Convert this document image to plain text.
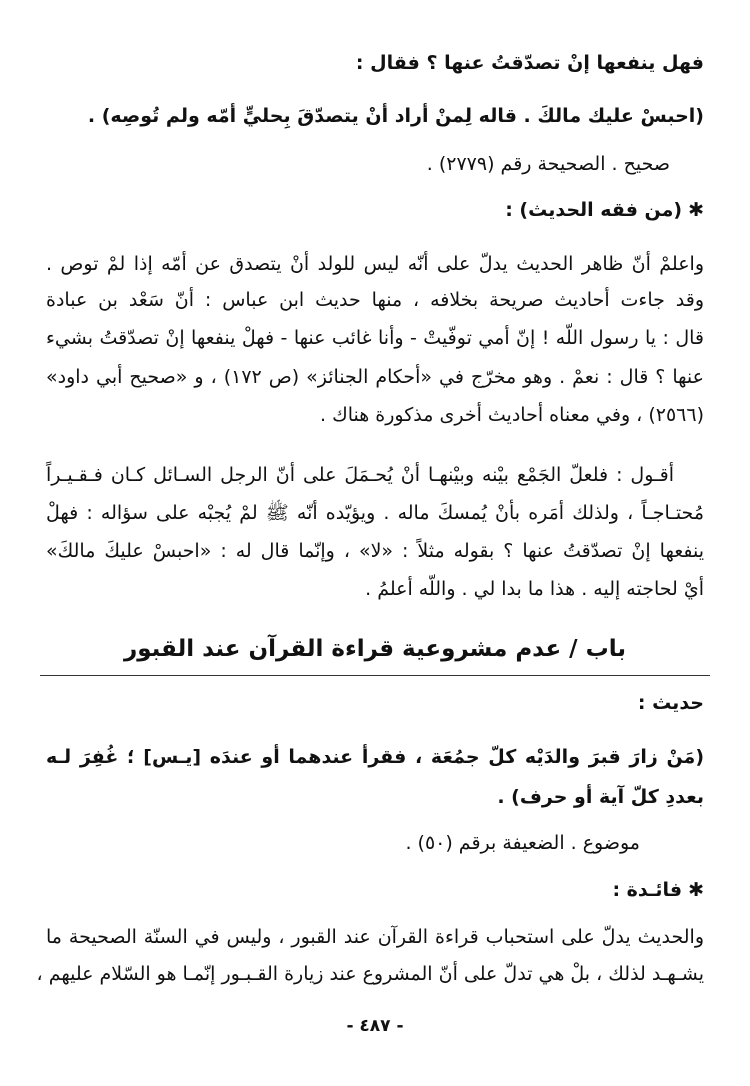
فهل ينفعها إنْ تصدّقتُ عنها ؟ فقال :
(احبسْ عليك مالكَ . قاله لِمنْ أراد أنْ يتصدّقَ بِحليٍّ أمّه ولم تُوصِه) .
صحيح . الصحيحة رقم (٢٧٧٩) .
✱(من فقه الحديث) :
واعلمْ أنّ ظاهر الحديث يدلّ على أنّه ليس للولد أنْ يتصدق عن أمّه إذا لمْ توص .
وقد جاءت أحاديث صريحة بخلافه ، منها حديث ابن عباس : أنّ سَعْد بن عبادة
قال : يا رسول اللّه ! إنّ أمي توفّيتْ - وأنا غائب عنها - فهلْ ينفعها إنْ تصدّقتُ بشيء
عنها ؟ قال : نعمْ . وهو مخرّج في «أحكام الجنائز» (ص ١٧٢) ، و «صحيح أبي داود»
(٢٥٦٦) ، وفي معناه أحاديث أخرى مذكورة هناك .
أقـول : فلعلّ الجَمْع بيْنه وبيْنهـا أنْ يُحـمَلَ على أنّ الرجل السـائل كـان فـقـيـراً
مُحتـاجـاً ، ولذلك أمَره بأنْ يُمسكَ ماله . ويؤيّده أنّه ﷺ لمْ يُجبْه على سؤاله : فهلْ
ينفعها إنْ تصدّقتُ عنها ؟ بقوله مثلاً : «لا» ، وإنّما قال له : «احبسْ عليكَ مالكَ»
أيْ لحاجته إليه . هذا ما بدا لي . واللّه أعلمُ .
باب / عدم مشروعية قراءة القرآن عند القبور
حديث :
(مَنْ زارَ قبرَ والدَيْه كلّ جمُعَة ، فقرأ عندهما أو عندَه [يـس] ؛ غُفِرَ لـه
بعددِ كلّ آية أو حرف) .
موضوع . الضعيفة برقم (٥٠) .
✱فائـدة :
والحديث يدلّ على استحباب قراءة القرآن عند القبور ، وليس في السنّة الصحيحة ما
يشـهـد لذلك ، بلْ هي تدلّ على أنّ المشروع عند زيارة القـبـور إنّمـا هو السّلام عليهم ،
- ٤٨٧ -
